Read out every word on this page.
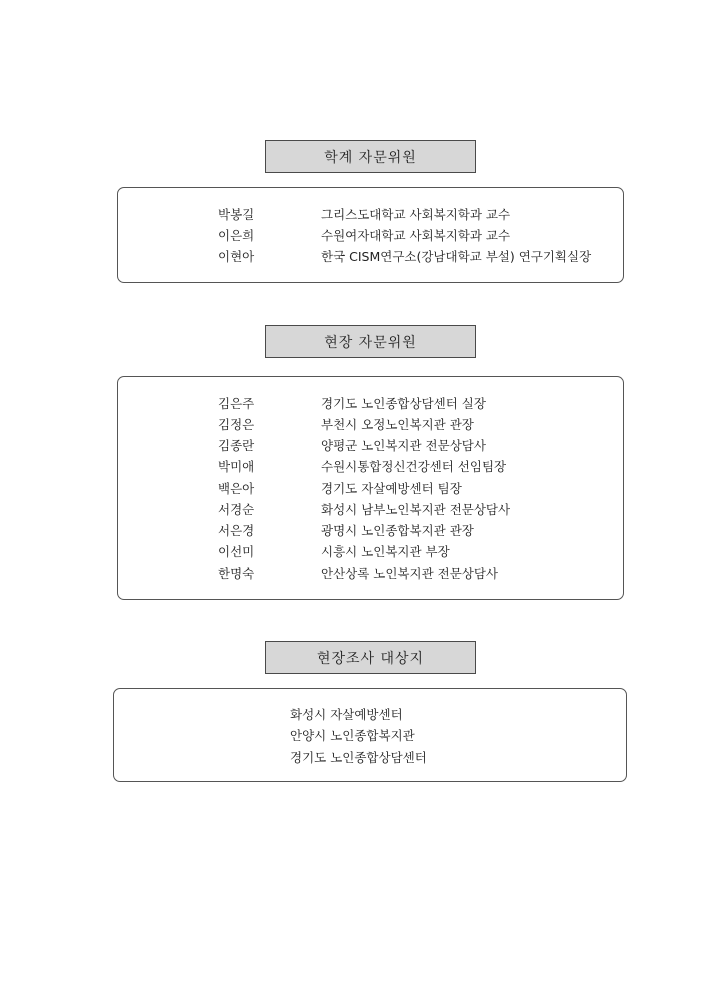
학계 자문위원
박봉길	그리스도대학교 사회복지학과 교수
이은희	수원여자대학교 사회복지학과 교수
이현아	한국 CISM연구소(강남대학교 부설) 연구기획실장
현장 자문위원
김은주	경기도 노인종합상담센터 실장
김정은	부천시 오정노인복지관 관장
김종란	양평군 노인복지관 전문상담사
박미애	수원시통합정신건강센터 선임팀장
백은아	경기도 자살예방센터 팀장
서경순	화성시 남부노인복지관 전문상담사
서은경	광명시 노인종합복지관 관장
이선미	시흥시 노인복지관 부장
한명숙	안산상록 노인복지관 전문상담사
현장조사 대상지
화성시 자살예방센터
안양시 노인종합복지관
경기도 노인종합상담센터
